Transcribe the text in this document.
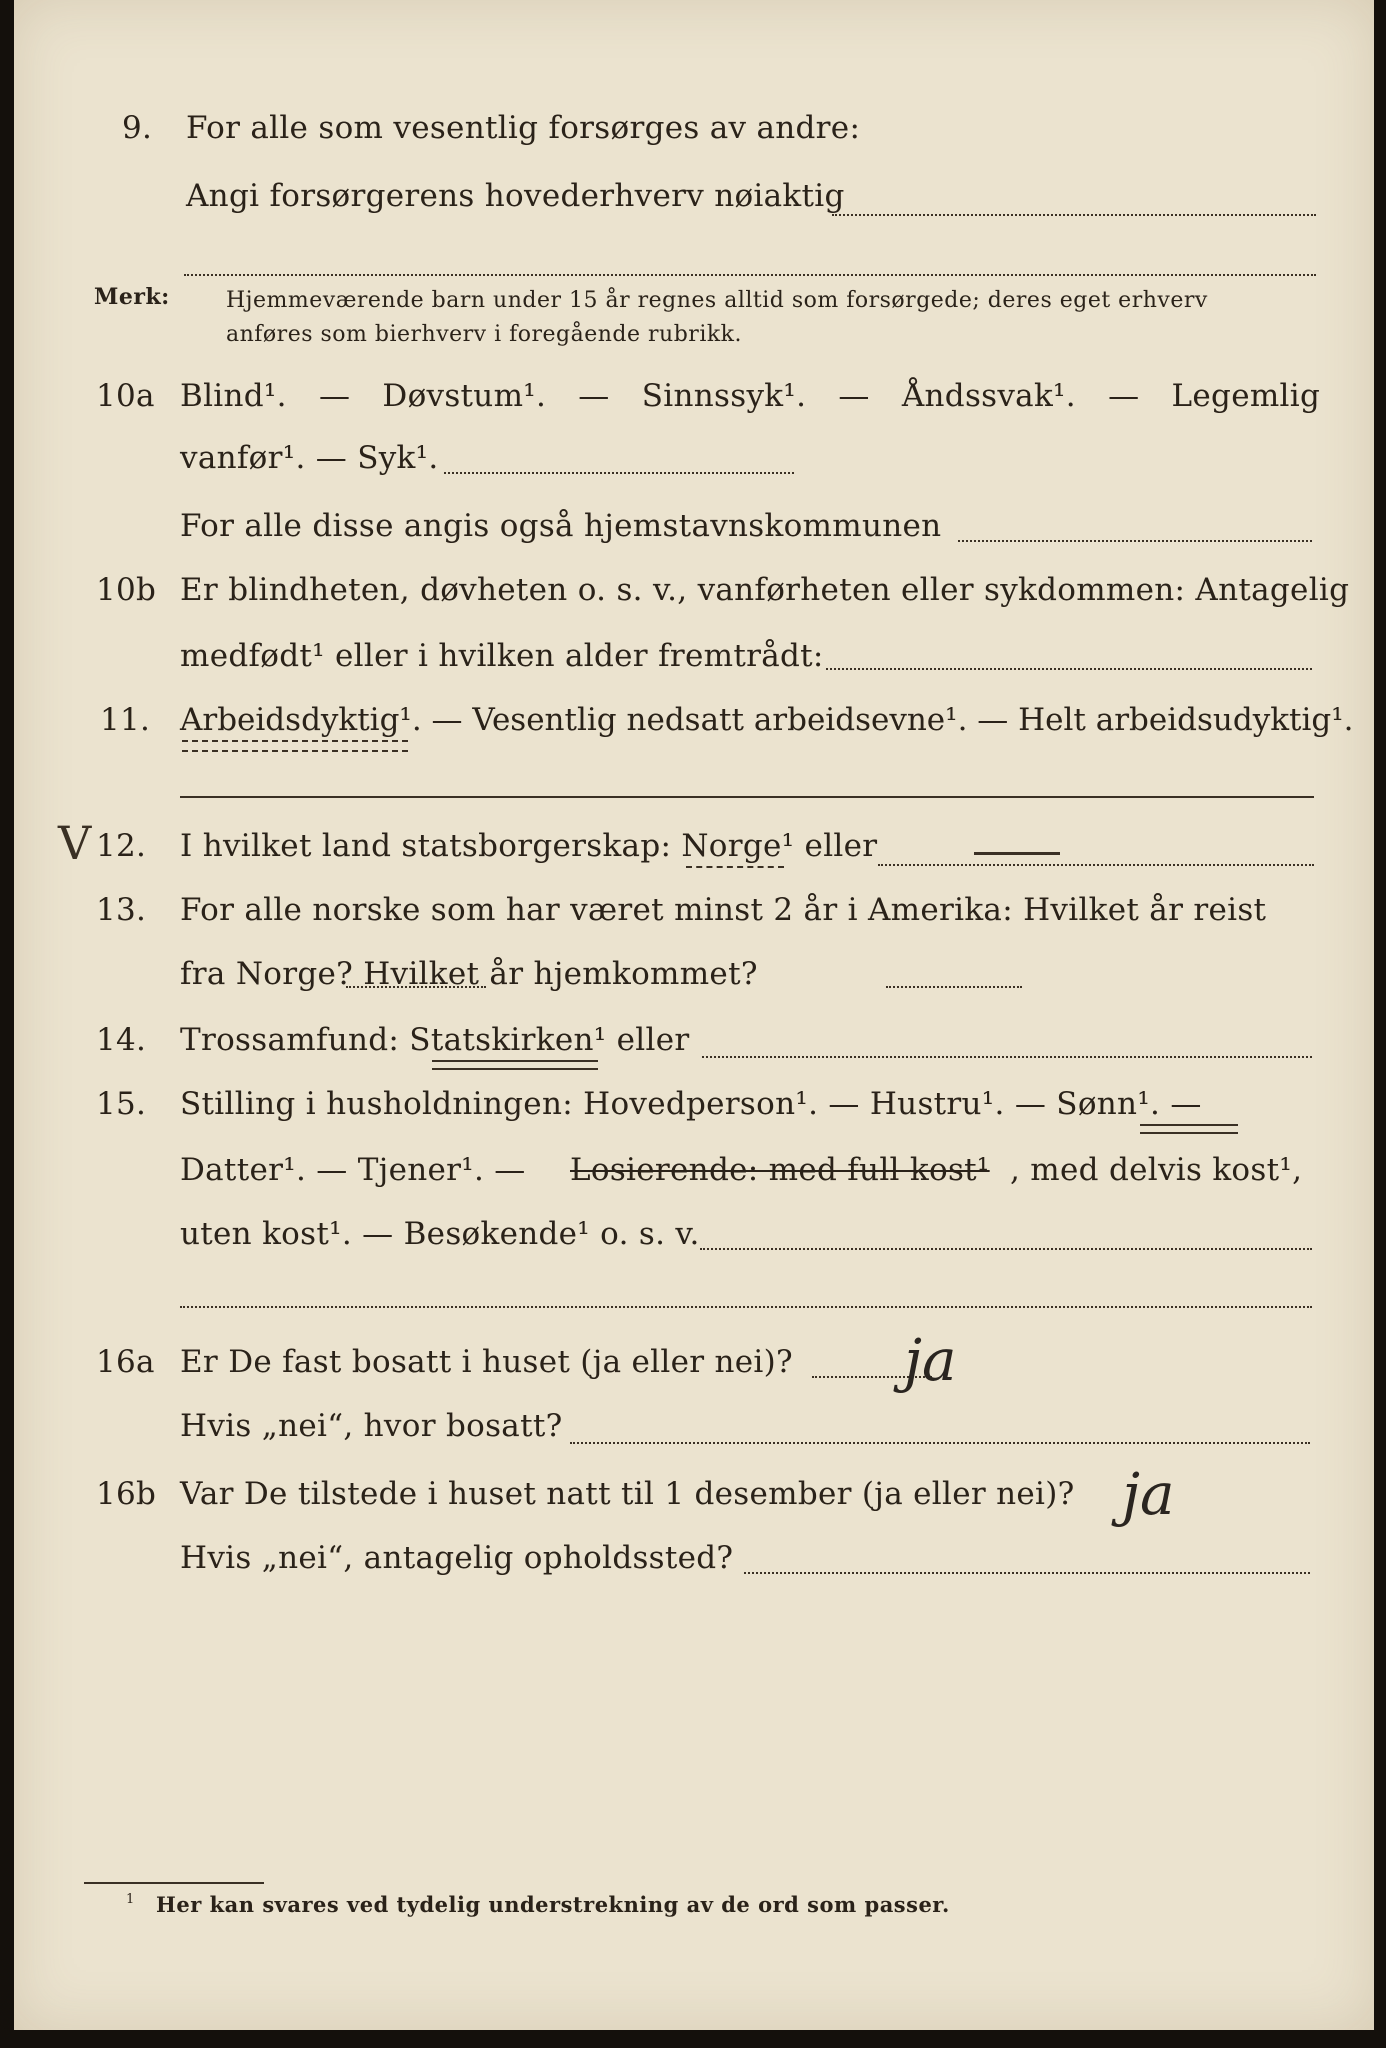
9. For alle som vesentlig forsørges av andre:
Angi forsørgerens hovederhverv nøiaktig
Merk:	Hjemmeværende barn under 15 år regnes alltid som forsørgede; deres eget erhverv
anføres som bierhverv i foregående rubrikk.
10a Blind¹. — Døvstum¹. — Sinnssyk¹. — Åndssvak¹. — Legemlig
vanfør¹. — Syk¹.
For alle disse angis også hjemstavnskommunen
10b Er blindheten, døvheten o. s. v., vanførheten eller sykdommen: Antagelig
medfødt¹ eller i hvilken alder fremtrådt:
11. Arbeidsdyktig¹. — Vesentlig nedsatt arbeidsevne¹. — Helt arbeidsudyktig¹.
V 12. I hvilket land statsborgerskap: Norge¹ eller
13. For alle norske som har været minst 2 år i Amerika: Hvilket år reist
fra Norge? Hvilket år hjemkommet?
14. Trossamfund: Statskirken¹ eller
15. Stilling i husholdningen: Hovedperson¹. — Hustru¹. — Sønn¹. —
Datter¹. — Tjener¹. — Losierende: med full kost¹ , med delvis kost¹,
uten kost¹. — Besøkende¹ o. s. v.
16a Er De fast bosatt i huset (ja eller nei)? ja
Hvis „nei“, hvor bosatt?
16b Var De tilstede i huset natt til 1 desember (ja eller nei)? ja
Hvis „nei“, antagelig opholdssted?
1 Her kan svares ved tydelig understrekning av de ord som passer.
